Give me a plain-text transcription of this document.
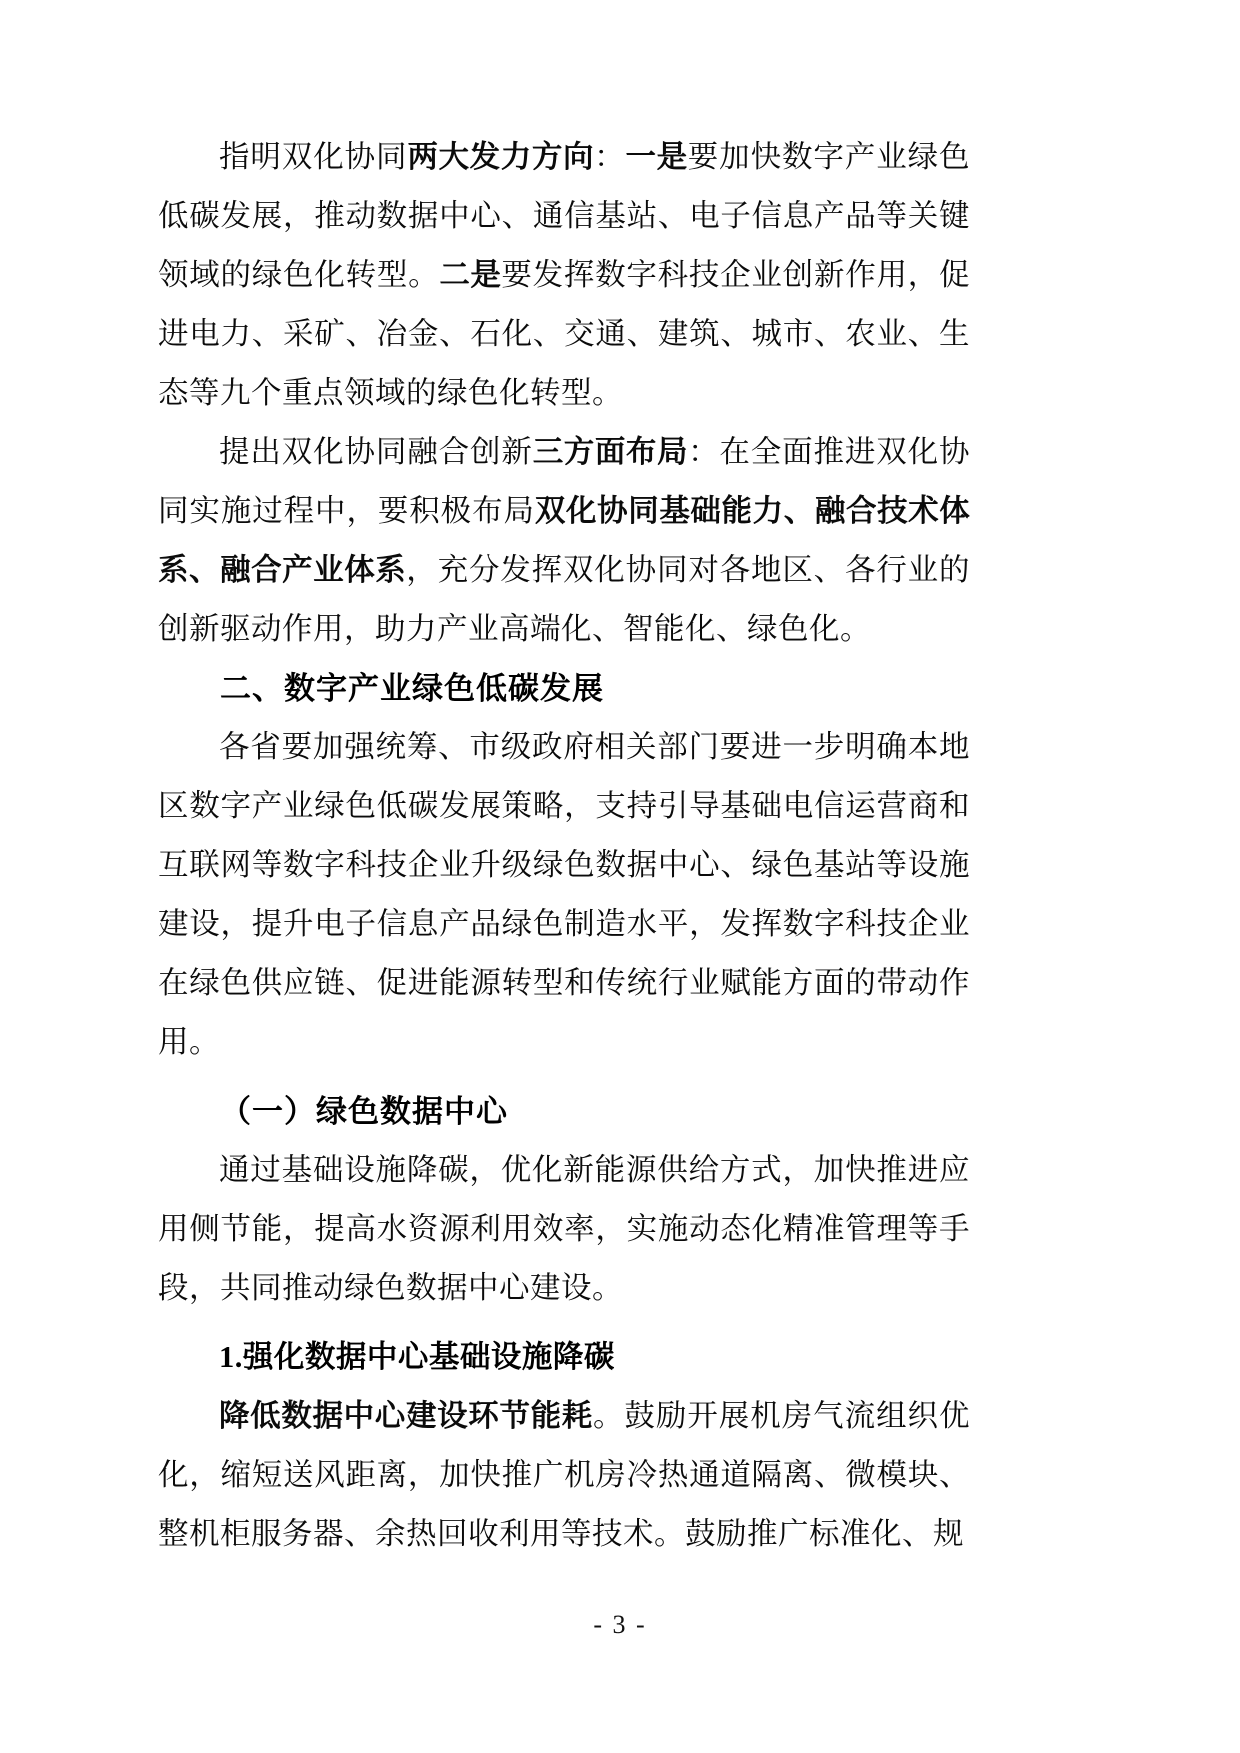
指明双化协同两大发力方向：一是要加快数字产业绿色低碳发展，推动数据中心、通信基站、电子信息产品等关键领域的绿色化转型。二是要发挥数字科技企业创新作用，促进电力、采矿、冶金、石化、交通、建筑、城市、农业、生态等九个重点领域的绿色化转型。

提出双化协同融合创新三方面布局：在全面推进双化协同实施过程中，要积极布局双化协同基础能力、融合技术体系、融合产业体系，充分发挥双化协同对各地区、各行业的创新驱动作用，助力产业高端化、智能化、绿色化。

二、数字产业绿色低碳发展

各省要加强统筹、市级政府相关部门要进一步明确本地区数字产业绿色低碳发展策略，支持引导基础电信运营商和互联网等数字科技企业升级绿色数据中心、绿色基站等设施建设，提升电子信息产品绿色制造水平，发挥数字科技企业在绿色供应链、促进能源转型和传统行业赋能方面的带动作用。

（一）绿色数据中心

通过基础设施降碳，优化新能源供给方式，加快推进应用侧节能，提高水资源利用效率，实施动态化精准管理等手段，共同推动绿色数据中心建设。

1.强化数据中心基础设施降碳

降低数据中心建设环节能耗。鼓励开展机房气流组织优化，缩短送风距离，加快推广机房冷热通道隔离、微模块、整机柜服务器、余热回收利用等技术。鼓励推广标准化、规

- 3 -
